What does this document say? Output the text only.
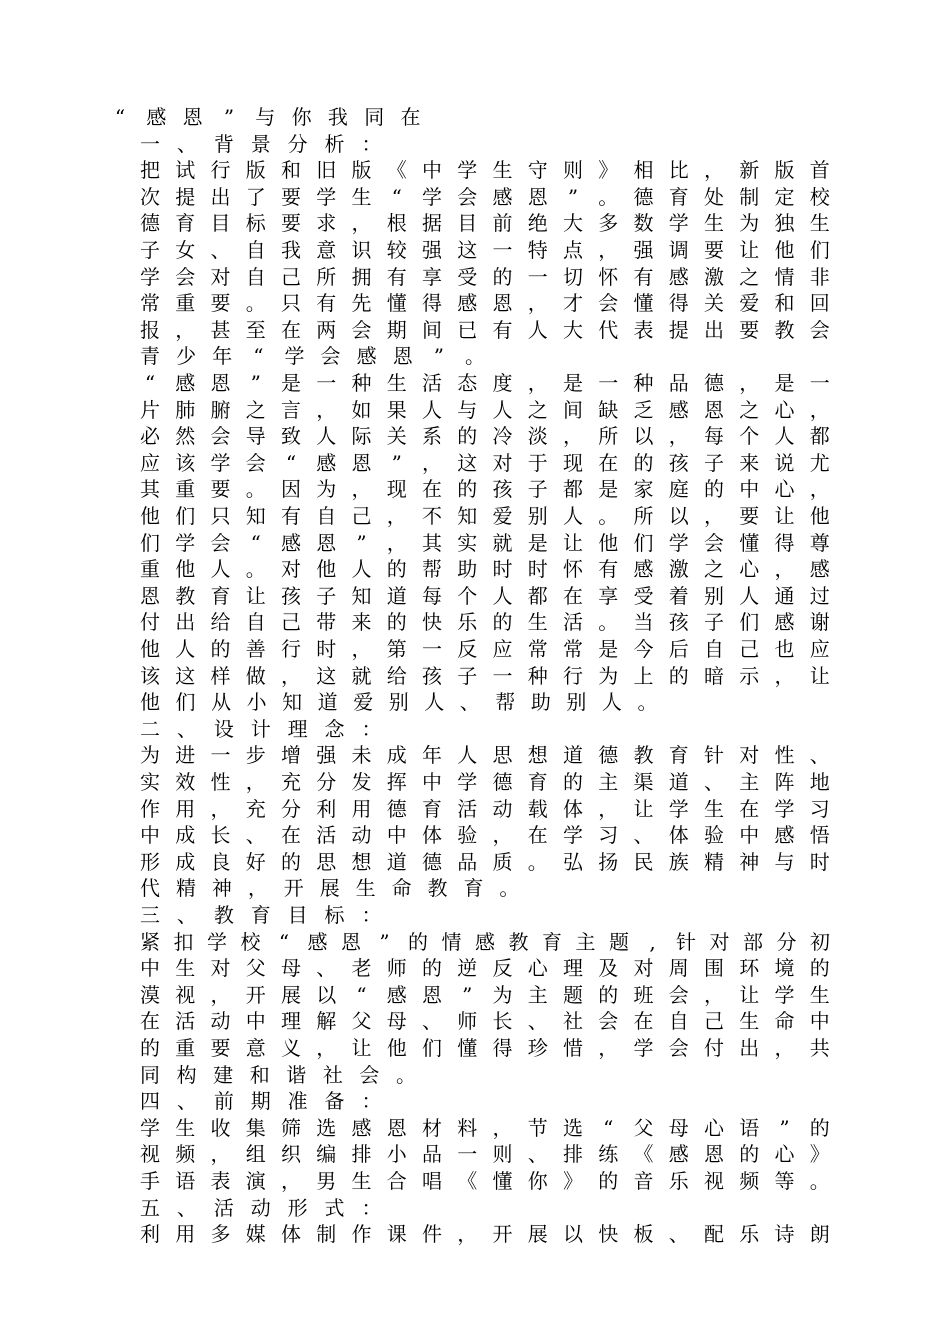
“ 感 恩 ” 与 你 我 同 在
一 、 背 景 分 析 ：
把 试 行 版 和 旧 版 《 中 学 生 守 则 》 相 比 ， 新 版 首
次 提 出 了 要 学 生 “ 学 会 感 恩 ” 。 德 育 处 制 定 校
德 育 目 标 要 求 ， 根 据 目 前 绝 大 多 数 学 生 为 独 生
子 女 、 自 我 意 识 较 强 这 一 特 点 ， 强 调 要 让 他 们
学 会 对 自 己 所 拥 有 享 受 的 一 切 怀 有 感 激 之 情 非
常 重 要 。 只 有 先 懂 得 感 恩 ， 才 会 懂 得 关 爱 和 回
报 ， 甚 至 在 两 会 期 间 已 有 人 大 代 表 提 出 要 教 会
青 少 年 “ 学 会 感 恩 ” 。
“ 感 恩 ” 是 一 种 生 活 态 度 ， 是 一 种 品 德 ， 是 一
片 肺 腑 之 言 ， 如 果 人 与 人 之 间 缺 乏 感 恩 之 心 ，
必 然 会 导 致 人 际 关 系 的 冷 淡 ， 所 以 ， 每 个 人 都
应 该 学 会 “ 感 恩 ” ， 这 对 于 现 在 的 孩 子 来 说 尤
其 重 要 。 因 为 ， 现 在 的 孩 子 都 是 家 庭 的 中 心 ，
他 们 只 知 有 自 己 ， 不 知 爱 别 人 。 所 以 ， 要 让 他
们 学 会 “ 感 恩 ” ， 其 实 就 是 让 他 们 学 会 懂 得 尊
重 他 人 。 对 他 人 的 帮 助 时 时 怀 有 感 激 之 心 ， 感
恩 教 育 让 孩 子 知 道 每 个 人 都 在 享 受 着 别 人 通 过
付 出 给 自 己 带 来 的 快 乐 的 生 活 。 当 孩 子 们 感 谢
他 人 的 善 行 时 ， 第 一 反 应 常 常 是 今 后 自 己 也 应
该 这 样 做 ， 这 就 给 孩 子 一 种 行 为 上 的 暗 示 ， 让
他 们 从 小 知 道 爱 别 人 、 帮 助 别 人 。
二 、 设 计 理 念 ：
为 进 一 步 增 强 未 成 年 人 思 想 道 德 教 育 针 对 性 、
实 效 性 ， 充 分 发 挥 中 学 德 育 的 主 渠 道 、 主 阵 地
作 用 ， 充 分 利 用 德 育 活 动 载 体 ， 让 学 生 在 学 习
中 成 长 、 在 活 动 中 体 验 ， 在 学 习 、 体 验 中 感 悟
形 成 良 好 的 思 想 道 德 品 质 。 弘 扬 民 族 精 神 与 时
代 精 神 ， 开 展 生 命 教 育 。
三 、 教 育 目 标 ：
紧 扣 学 校 “ 感 恩 ” 的 情 感 教 育 主 题	,	针 对 部 分 初
中 生 对 父 母 、 老 师 的 逆 反 心 理 及 对 周 围 环 境 的
漠 视 ， 开 展 以 “ 感 恩 ” 为 主 题 的 班 会 ， 让 学 生
在 活 动 中 理 解 父 母 、 师 长 、 社 会 在 自 己 生 命 中
的 重 要 意 义 ， 让 他 们 懂 得 珍 惜 ， 学 会 付 出 ， 共
同 构 建 和 谐 社 会 。
四 、 前 期 准 备 ：
学 生 收 集 筛 选 感 恩 材 料 ， 节 选 “ 父 母 心 语 ” 的
视 频 ， 组 织 编 排 小 品 一 则 、 排 练 《 感 恩 的 心 》
手 语 表 演 ， 男 生 合 唱 《 懂 你 》 的 音 乐 视 频 等 。
五 、 活 动 形 式 ：
利 用 多 媒 体 制 作 课 件 ， 开 展 以 快 板 、 配 乐 诗 朗
